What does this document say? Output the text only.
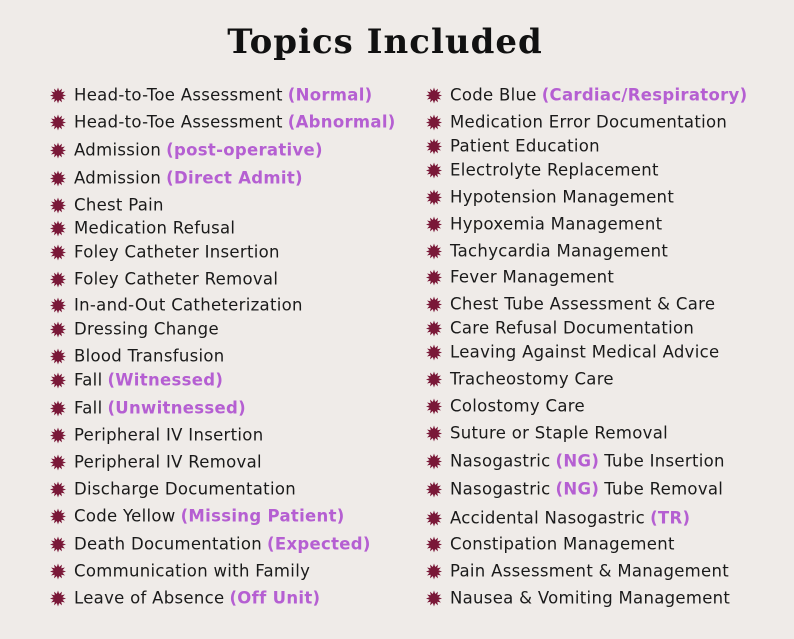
Topics Included
Head-to-Toe Assessment (Normal)
Head-to-Toe Assessment (Abnormal)
Admission (post-operative)
Admission (Direct Admit)
Chest Pain
Medication Refusal
Foley Catheter Insertion
Foley Catheter Removal
In-and-Out Catheterization
Dressing Change
Blood Transfusion
Fall (Witnessed)
Fall (Unwitnessed)
Peripheral IV Insertion
Peripheral IV Removal
Discharge Documentation
Code Yellow (Missing Patient)
Death Documentation (Expected)
Communication with Family
Leave of Absence (Off Unit)
Code Blue (Cardiac/Respiratory)
Medication Error Documentation
Patient Education
Electrolyte Replacement
Hypotension Management
Hypoxemia Management
Tachycardia Management
Fever Management
Chest Tube Assessment & Care
Care Refusal Documentation
Leaving Against Medical Advice
Tracheostomy Care
Colostomy Care
Suture or Staple Removal
Nasogastric (NG) Tube Insertion
Nasogastric (NG) Tube Removal
Accidental Nasogastric (TR)
Constipation Management
Pain Assessment & Management
Nausea & Vomiting Management
